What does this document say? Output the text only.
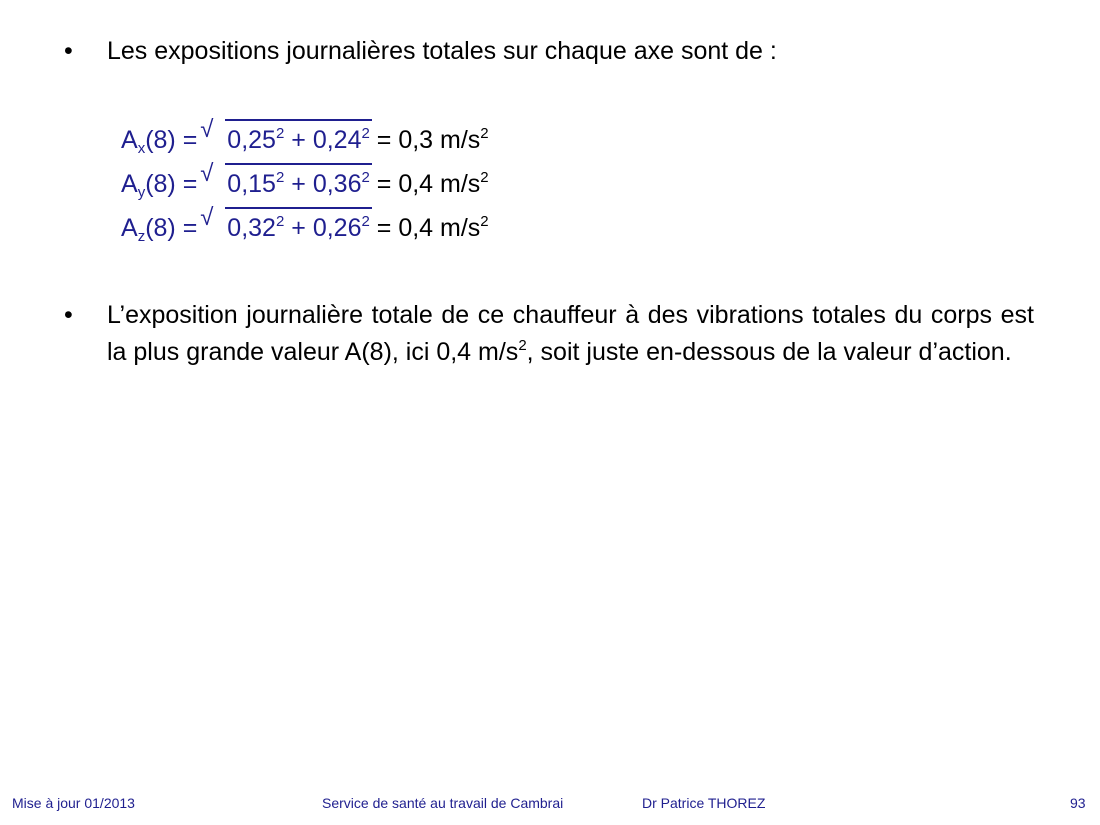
•	Les expositions journalières totales sur chaque axe sont de :
$A_x(8)$ = √ $0,25^2 + 0,24^2 = 0,3$ $m/s^2$
$A_y(8)$ = √ $0,15^2 + 0,36^2 = 0,4$ $m/s^2$
$A_z(8)$ = √ $0,32^2 + 0,26^2 = 0,4$ $m/s^2$
•	L’exposition journalière totale de ce chauffeur à des vibrations totales du corps est la plus grande valeur A(8), ici 0,4 $m/s^2$, soit juste en-dessous de la valeur d’action.
Mise à jour 01/2013	Service de santé au travail de Cambrai	Dr Patrice THOREZ	93
